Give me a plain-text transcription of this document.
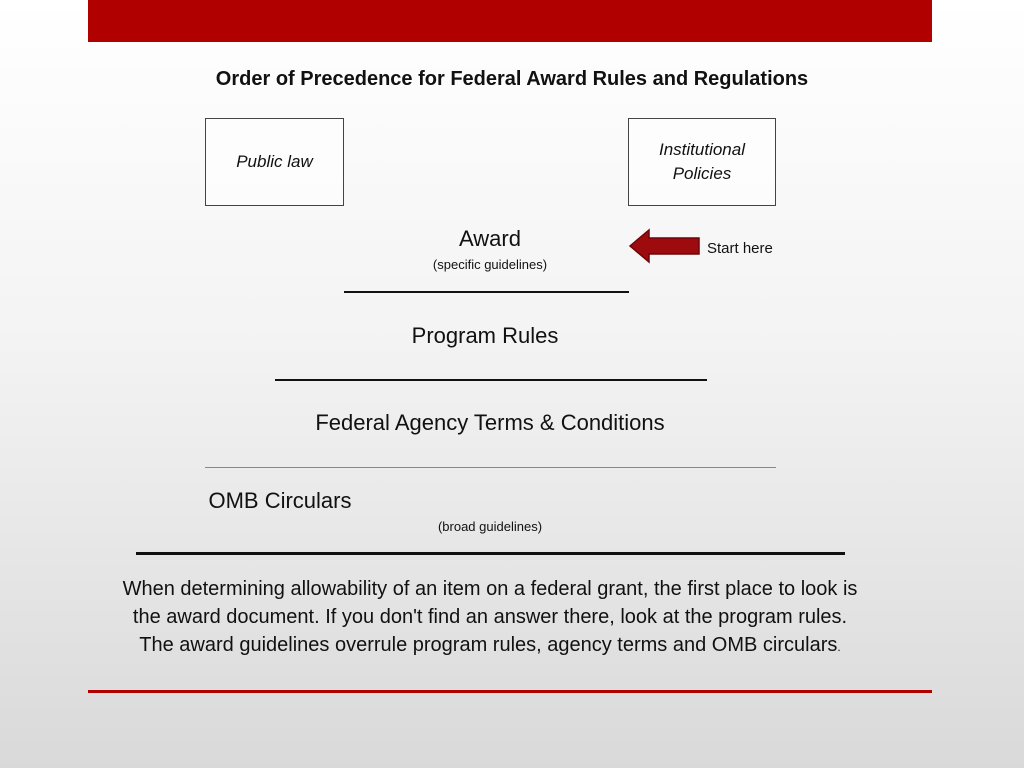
Order of Precedence for Federal Award Rules and Regulations
Public law
Institutional Policies
Award
(specific guidelines)
Start here
Program Rules
Federal Agency Terms & Conditions
OMB Circulars
(broad guidelines)
When determining allowability of an item on a federal grant, the first place to look is the award document. If you don't find an answer there, look at the program rules. The award guidelines overrule program rules, agency terms and OMB circulars.
